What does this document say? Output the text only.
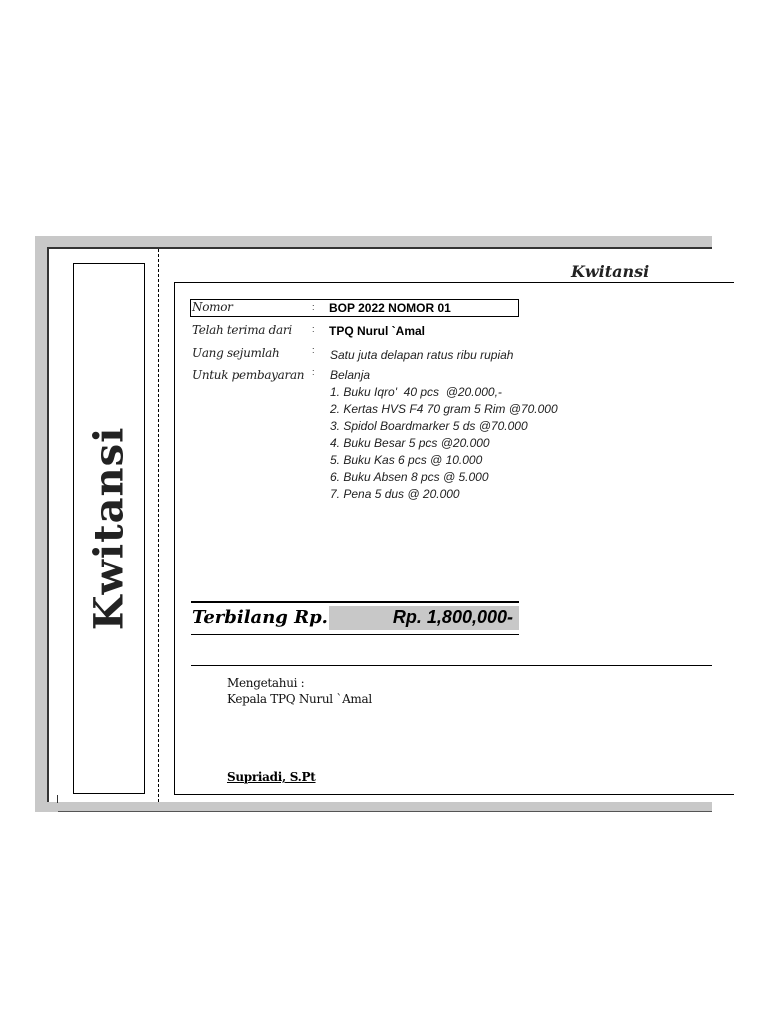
Kwitansi
Kwitansi
Nomor	: BOP 2022 NOMOR 01
Telah terima dari : TPQ Nurul `Amal
Uang sejumlah	: Satu juta delapan ratus ribu rupiah
Untuk pembayaran : Belanja
1. Buku Iqro'  40 pcs  @20.000,-
2. Kertas HVS F4 70 gram 5 Rim @70.000
3. Spidol Boardmarker 5 ds @70.000
4. Buku Besar 5 pcs @20.000
5. Buku Kas 6 pcs @ 10.000
6. Buku Absen 8 pcs @ 5.000
7. Pena 5 dus @ 20.000
Terbilang Rp.	Rp. 1,800,000-
Mengetahui :
Kepala TPQ Nurul `Amal
Supriadi, S.Pt
